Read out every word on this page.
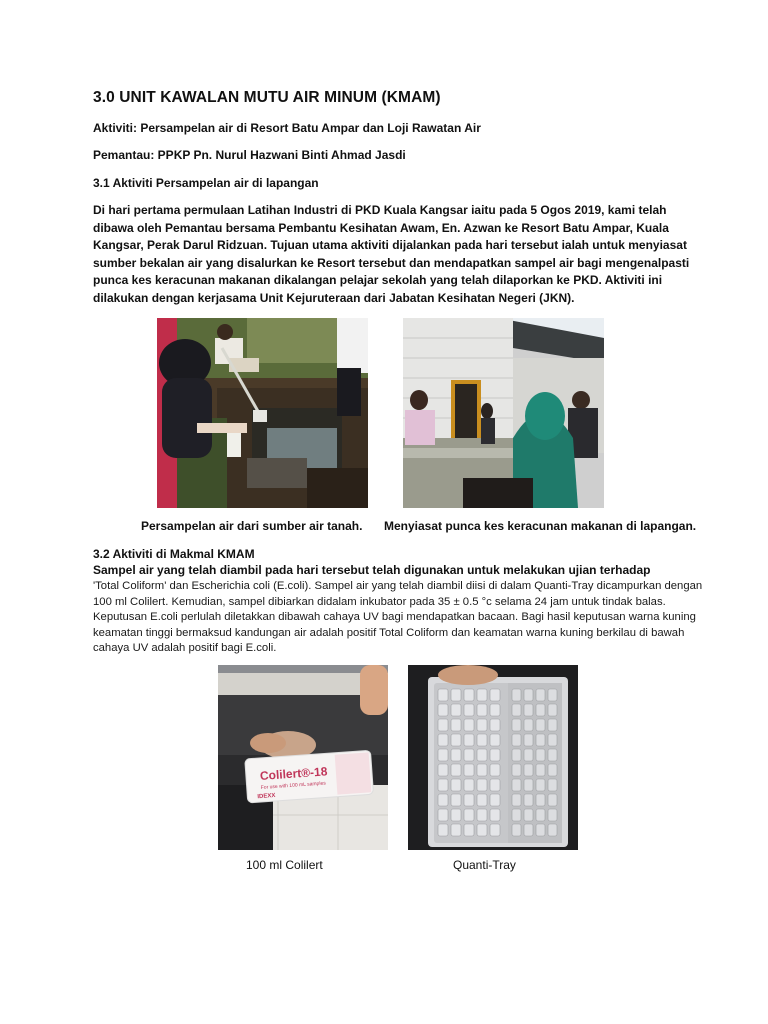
3.0 UNIT KAWALAN MUTU AIR MINUM (KMAM)
Aktiviti: Persampelan air di Resort Batu Ampar dan Loji Rawatan Air
Pemantau: PPKP Pn. Nurul Hazwani Binti Ahmad Jasdi
3.1 Aktiviti Persampelan air di lapangan
Di hari pertama permulaan Latihan Industri di PKD Kuala Kangsar iaitu pada 5 Ogos 2019, kami telah dibawa oleh Pemantau bersama Pembantu Kesihatan Awam, En. Azwan ke Resort Batu Ampar, Kuala Kangsar, Perak Darul Ridzuan. Tujuan utama aktiviti dijalankan pada hari tersebut ialah untuk menyiasat sumber bekalan air yang disalurkan ke Resort tersebut dan mendapatkan sampel air bagi mengenalpasti punca kes keracunan makanan dikalangan pelajar sekolah yang telah dilaporkan ke PKD. Aktiviti ini dilakukan dengan kerjasama Unit Kejuruteraan dari Jabatan Kesihatan Negeri (JKN).
Persampelan air dari sumber air tanah. Menyiasat punca kes keracunan makanan di lapangan.
3.2 Aktiviti di Makmal KMAM
Sampel air yang telah diambil pada hari tersebut telah digunakan untuk melakukan ujian terhadap
'Total Coliform' dan Escherichia coli (E.coli). Sampel air yang telah diambil diisi di dalam Quanti-Tray dicampurkan dengan 100 ml Colilert. Kemudian, sampel dibiarkan didalam inkubator pada 35 ± 0.5 °c selama 24 jam untuk tindak balas. Keputusan E.coli perlulah diletakkan dibawah cahaya UV bagi mendapatkan bacaan. Bagi hasil keputusan warna kuning keamatan tinggi bermaksud kandungan air adalah positif Total Coliform dan keamatan warna kuning berkilau di bawah cahaya UV adalah positif bagi E.coli.
Colilert®-18
For use with 100 mL samples
IDEXX
100 ml Colilert	Quanti-Tray
